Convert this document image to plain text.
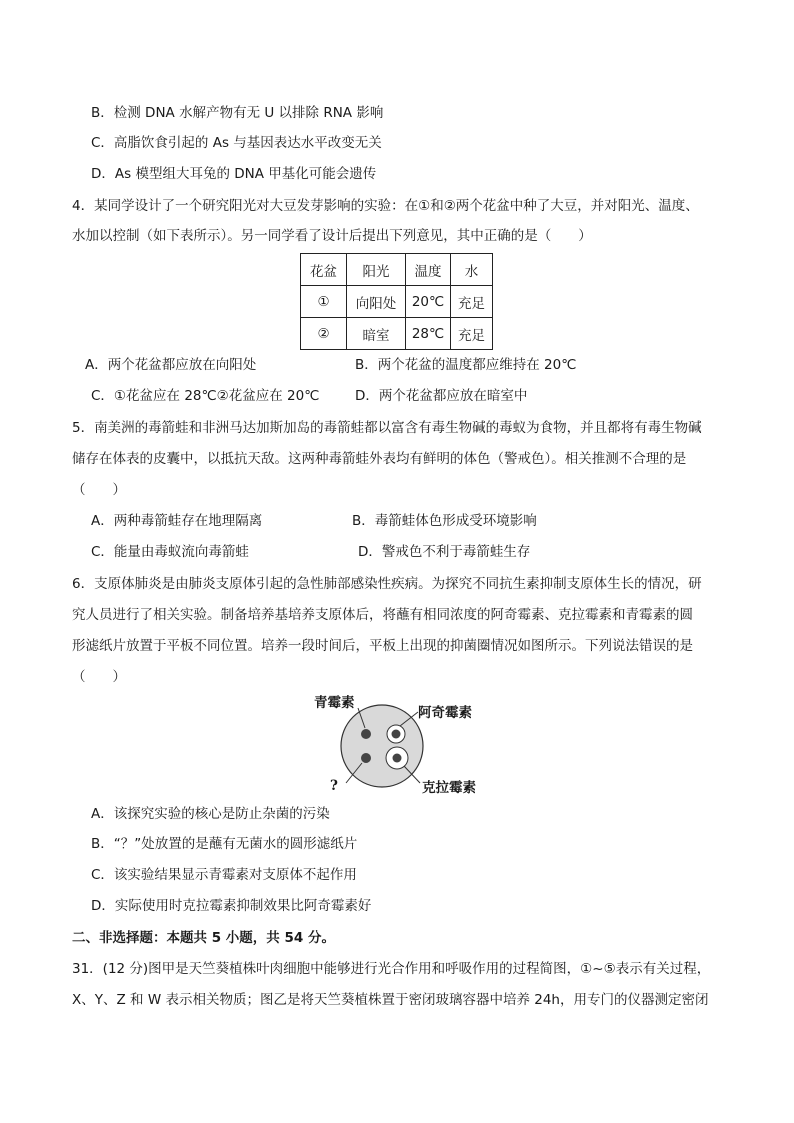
B．检测 DNA 水解产物有无 U 以排除 RNA 影响
C．高脂饮食引起的 As 与基因表达水平改变无关
D．As 模型组大耳兔的 DNA 甲基化可能会遗传
4．某同学设计了一个研究阳光对大豆发芽影响的实验：在①和②两个花盆中种了大豆，并对阳光、温度、
水加以控制（如下表所示）。另一同学看了设计后提出下列意见，其中正确的是（　　）
花盆	阳光	温度	水
①	向阳处	20℃	充足
②	暗室	28℃	充足
A．两个花盆都应放在向阳处	B．两个花盆的温度都应维持在 20℃
C．①花盆应在 28℃②花盆应在 20℃	D．两个花盆都应放在暗室中
5．南美洲的毒箭蛙和非洲马达加斯加岛的毒箭蛙都以富含有毒生物碱的毒蚁为食物，并且都将有毒生物碱
储存在体表的皮囊中，以抵抗天敌。这两种毒箭蛙外表均有鲜明的体色（警戒色）。相关推测不合理的是
（　　）
A．两种毒箭蛙存在地理隔离	B．毒箭蛙体色形成受环境影响
C．能量由毒蚁流向毒箭蛙	D．警戒色不利于毒箭蛙生存
6．支原体肺炎是由肺炎支原体引起的急性肺部感染性疾病。为探究不同抗生素抑制支原体生长的情况，研
究人员进行了相关实验。制备培养基培养支原体后，将蘸有相同浓度的阿奇霉素、克拉霉素和青霉素的圆
形滤纸片放置于平板不同位置。培养一段时间后，平板上出现的抑菌圈情况如图所示。下列说法错误的是
（　　）
青霉素
阿奇霉素
?	克拉霉素
A．该探究实验的核心是防止杂菌的污染
B．“？”处放置的是蘸有无菌水的圆形滤纸片
C．该实验结果显示青霉素对支原体不起作用
D．实际使用时克拉霉素抑制效果比阿奇霉素好
二、非选择题：本题共 5 小题，共 54 分。
31．(12 分)图甲是天竺葵植株叶肉细胞中能够进行光合作用和呼吸作用的过程简图，①~⑤表示有关过程，
X、Y、Z 和 W 表示相关物质；图乙是将天竺葵植株置于密闭玻璃容器中培养 24h，用专门的仪器测定密闭
